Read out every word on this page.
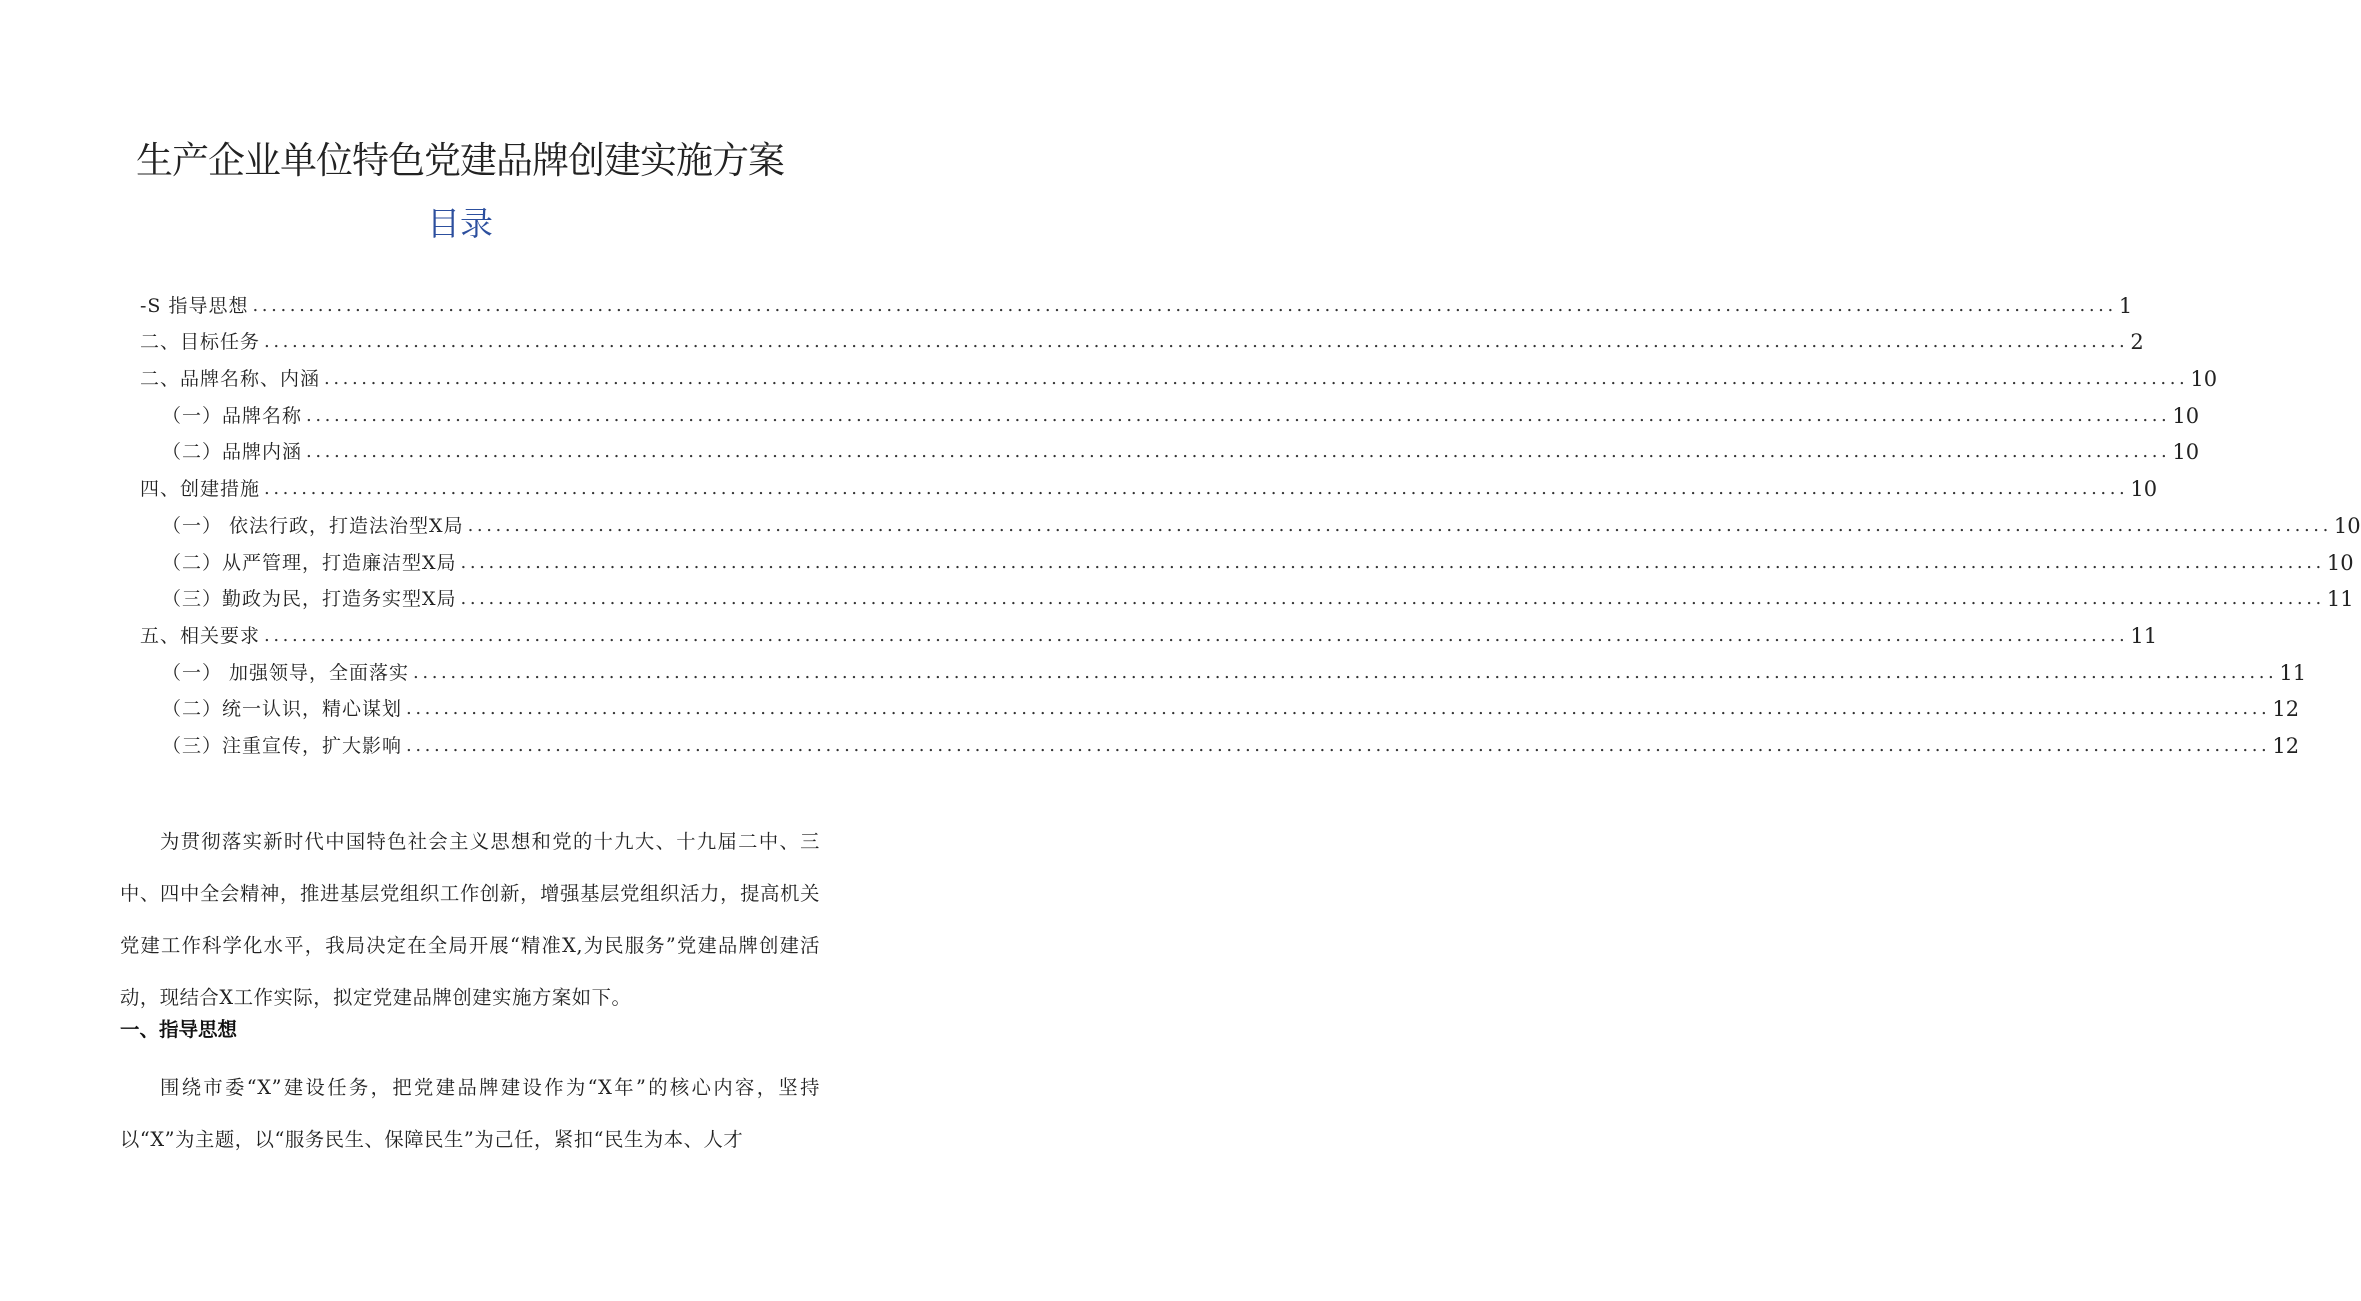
生产企业单位特色党建品牌创建实施方案
目录
-S 指导思想 ........................................................................................................................................................................................................ 1
二、目标任务 ........................................................................................................................................................................................................ 2
二、品牌名称、内涵 ........................................................................................................................................................................................................ 10
（一）品牌名称 ........................................................................................................................................................................................................ 10
（二）品牌内涵 ........................................................................................................................................................................................................ 10
四、创建措施 ........................................................................................................................................................................................................ 10
（一） 依法行政，打造法治型X局 ........................................................................................................................................................................................................ 10
（二）从严管理，打造廉洁型X局 ........................................................................................................................................................................................................ 10
（三）勤政为民，打造务实型X局 ........................................................................................................................................................................................................ 11
五、相关要求 ........................................................................................................................................................................................................ 11
（一） 加强领导，全面落实 ........................................................................................................................................................................................................ 11
（二）统一认识，精心谋划 ........................................................................................................................................................................................................ 12
（三）注重宣传，扩大影响 ........................................................................................................................................................................................................ 12
为贯彻落实新时代中国特色社会主义思想和党的十九大、十九届二中、三中、四中全会精神，推进基层党组织工作创新，增强基层党组织活力，提高机关党建工作科学化水平，我局决定在全局开展“精准X,为民服务”党建品牌创建活动，现结合X工作实际，拟定党建品牌创建实施方案如下。
一、指导思想
围绕市委“X”建设任务，把党建品牌建设作为“X年”的核心内容，坚持以“X”为主题，以“服务民生、保障民生”为己任，紧扣“民生为本、人才
